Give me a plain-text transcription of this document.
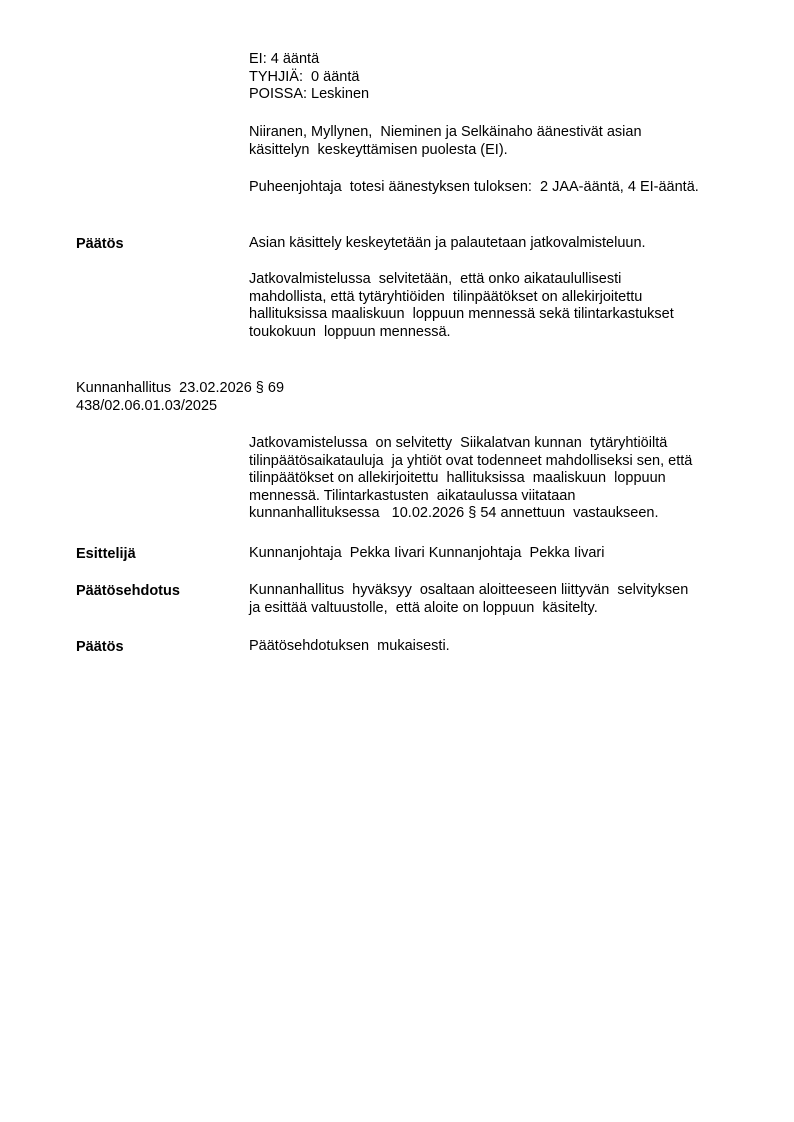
EI: 4 ääntä
TYHJIÄ:  0 ääntä
POISSA: Leskinen
Niiranen, Myllynen,  Nieminen ja Selkäinaho äänestivät asian
käsittelyn  keskeyttämisen puolesta (EI).
Puheenjohtaja  totesi äänestyksen tuloksen:  2 JAA-ääntä, 4 EI-ääntä.
Päätös	Asian käsittely keskeytetään ja palautetaan jatkovalmisteluun.
Jatkovalmistelussa  selvitetään,  että onko aikataulullisesti
mahdollista, että tytäryhtiöiden  tilinpäätökset on allekirjoitettu
hallituksissa maaliskuun  loppuun mennessä sekä tilintarkastukset
toukokuun  loppuun mennessä.
Kunnanhallitus  23.02.2026 § 69
438/02.06.01.03/2025
Jatkovamistelussa  on selvitetty  Siikalatvan kunnan  tytäryhtiöiltä
tilinpäätösaikatauluja  ja yhtiöt ovat todenneet mahdolliseksi sen, että
tilinpäätökset on allekirjoitettu  hallituksissa  maaliskuun  loppuun
mennessä. Tilintarkastusten  aikataulussa viitataan
kunnanhallituksessa   10.02.2026 § 54 annettuun  vastaukseen.
Esittelijä	Kunnanjohtaja  Pekka Iivari Kunnanjohtaja  Pekka Iivari
Päätösehdotus	Kunnanhallitus  hyväksyy  osaltaan aloitteeseen liittyvän  selvityksen
ja esittää valtuustolle,  että aloite on loppuun  käsitelty.
Päätös	Päätösehdotuksen  mukaisesti.
